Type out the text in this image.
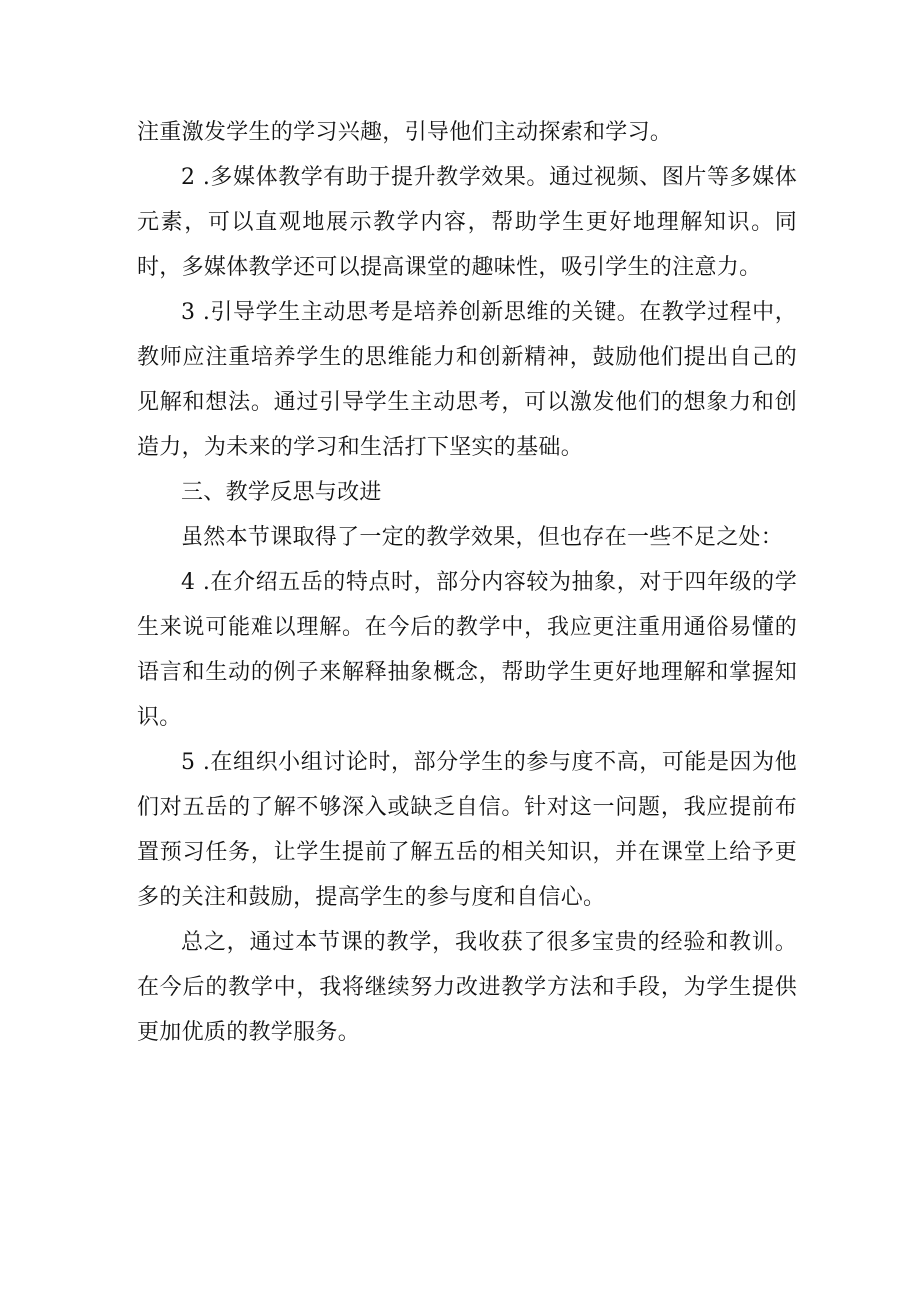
注重激发学生的学习兴趣，引导他们主动探索和学习。

2 .多媒体教学有助于提升教学效果。通过视频、图片等多媒体元素，可以直观地展示教学内容，帮助学生更好地理解知识。同时，多媒体教学还可以提高课堂的趣味性，吸引学生的注意力。

3 .引导学生主动思考是培养创新思维的关键。在教学过程中，教师应注重培养学生的思维能力和创新精神，鼓励他们提出自己的见解和想法。通过引导学生主动思考，可以激发他们的想象力和创造力，为未来的学习和生活打下坚实的基础。

三、教学反思与改进

虽然本节课取得了一定的教学效果，但也存在一些不足之处：

4 .在介绍五岳的特点时，部分内容较为抽象，对于四年级的学生来说可能难以理解。在今后的教学中，我应更注重用通俗易懂的语言和生动的例子来解释抽象概念，帮助学生更好地理解和掌握知识。

5 .在组织小组讨论时，部分学生的参与度不高，可能是因为他们对五岳的了解不够深入或缺乏自信。针对这一问题，我应提前布置预习任务，让学生提前了解五岳的相关知识，并在课堂上给予更多的关注和鼓励，提高学生的参与度和自信心。

总之，通过本节课的教学，我收获了很多宝贵的经验和教训。在今后的教学中，我将继续努力改进教学方法和手段，为学生提供更加优质的教学服务。
